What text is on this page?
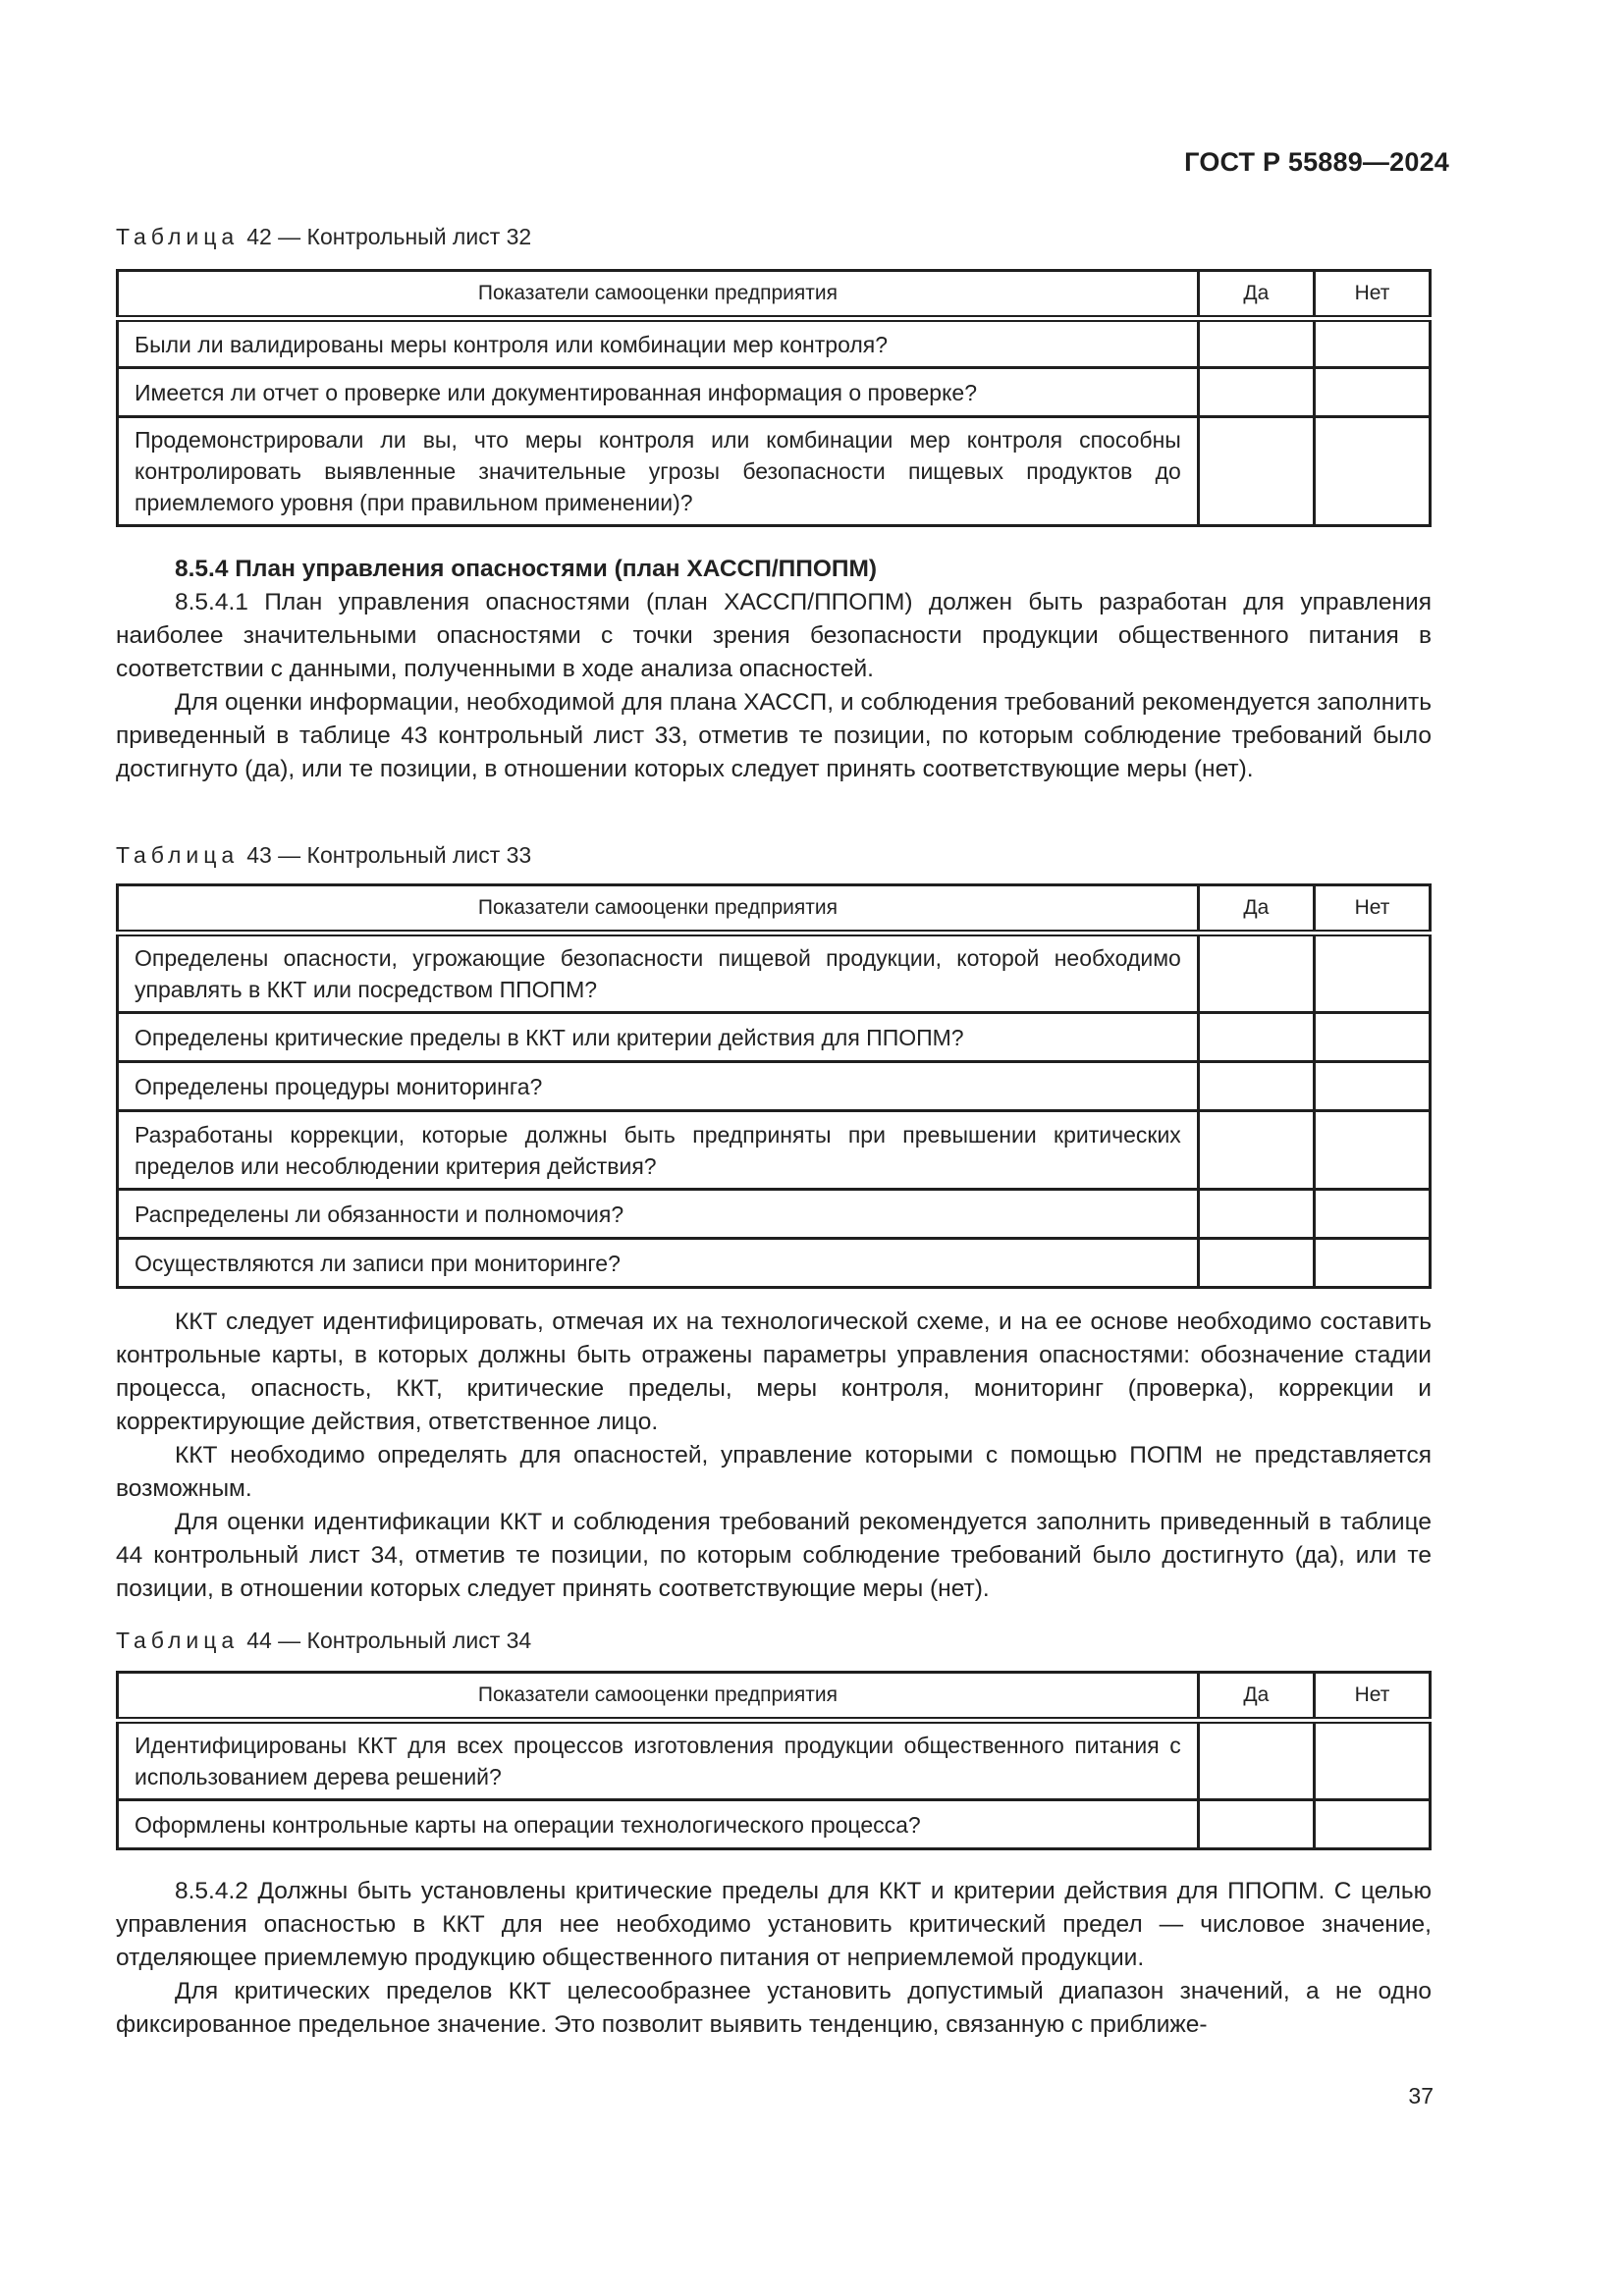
ГОСТ Р 55889—2024
Таблица 42 — Контрольный лист 32
Показатели самооценки предприятия	Да	Нет
Были ли валидированы меры контроля или комбинации мер контроля?		
Имеется ли отчет о проверке или документированная информация о проверке?		
Продемонстрировали ли вы, что меры контроля или комбинации мер контроля способны контролировать выявленные значительные угрозы безопасности пищевых продуктов до приемлемого уровня (при правильном применении)?		
8.5.4 План управления опасностями (план ХАССП/ППОПМ)

8.5.4.1 План управления опасностями (план ХАССП/ППОПМ) должен быть разработан для управления наиболее значительными опасностями с точки зрения безопасности продукции общественного питания в соответствии с данными, полученными в ходе анализа опасностей.

Для оценки информации, необходимой для плана ХАССП, и соблюдения требований рекомендуется заполнить приведенный в таблице 43 контрольный лист 33, отметив те позиции, по которым соблюдение требований было достигнуто (да), или те позиции, в отношении которых следует принять соответствующие меры (нет).

Таблица 43 — Контрольный лист 33
Показатели самооценки предприятия	Да	Нет
Определены опасности, угрожающие безопасности пищевой продукции, которой необходимо управлять в ККТ или посредством ППОПМ?		
Определены критические пределы в ККТ или критерии действия для ППОПМ?		
Определены процедуры мониторинга?		
Разработаны коррекции, которые должны быть предприняты при превышении критических пределов или несоблюдении критерия действия?		
Распределены ли обязанности и полномочия?		
Осуществляются ли записи при мониторинге?		

ККТ следует идентифицировать, отмечая их на технологической схеме, и на ее основе необходимо составить контрольные карты, в которых должны быть отражены параметры управления опасностями: обозначение стадии процесса, опасность, ККТ, критические пределы, меры контроля, мониторинг (проверка), коррекции и корректирующие действия, ответственное лицо.

ККТ необходимо определять для опасностей, управление которыми с помощью ПОПМ не представляется возможным.

Для оценки идентификации ККТ и соблюдения требований рекомендуется заполнить приведенный в таблице 44 контрольный лист 34, отметив те позиции, по которым соблюдение требований было достигнуто (да), или те позиции, в отношении которых следует принять соответствующие меры (нет).

Таблица 44 — Контрольный лист 34
Показатели самооценки предприятия	Да	Нет
Идентифицированы ККТ для всех процессов изготовления продукции общественного питания с использованием дерева решений?		
Оформлены контрольные карты на операции технологического процесса?		

8.5.4.2 Должны быть установлены критические пределы для ККТ и критерии действия для ППОПМ. С целью управления опасностью в ККТ для нее необходимо установить критический предел — числовое значение, отделяющее приемлемую продукцию общественного питания от неприемлемой продукции.

Для критических пределов ККТ целесообразнее установить допустимый диапазон значений, а не одно фиксированное предельное значение. Это позволит выявить тенденцию, связанную с приближе-

37
